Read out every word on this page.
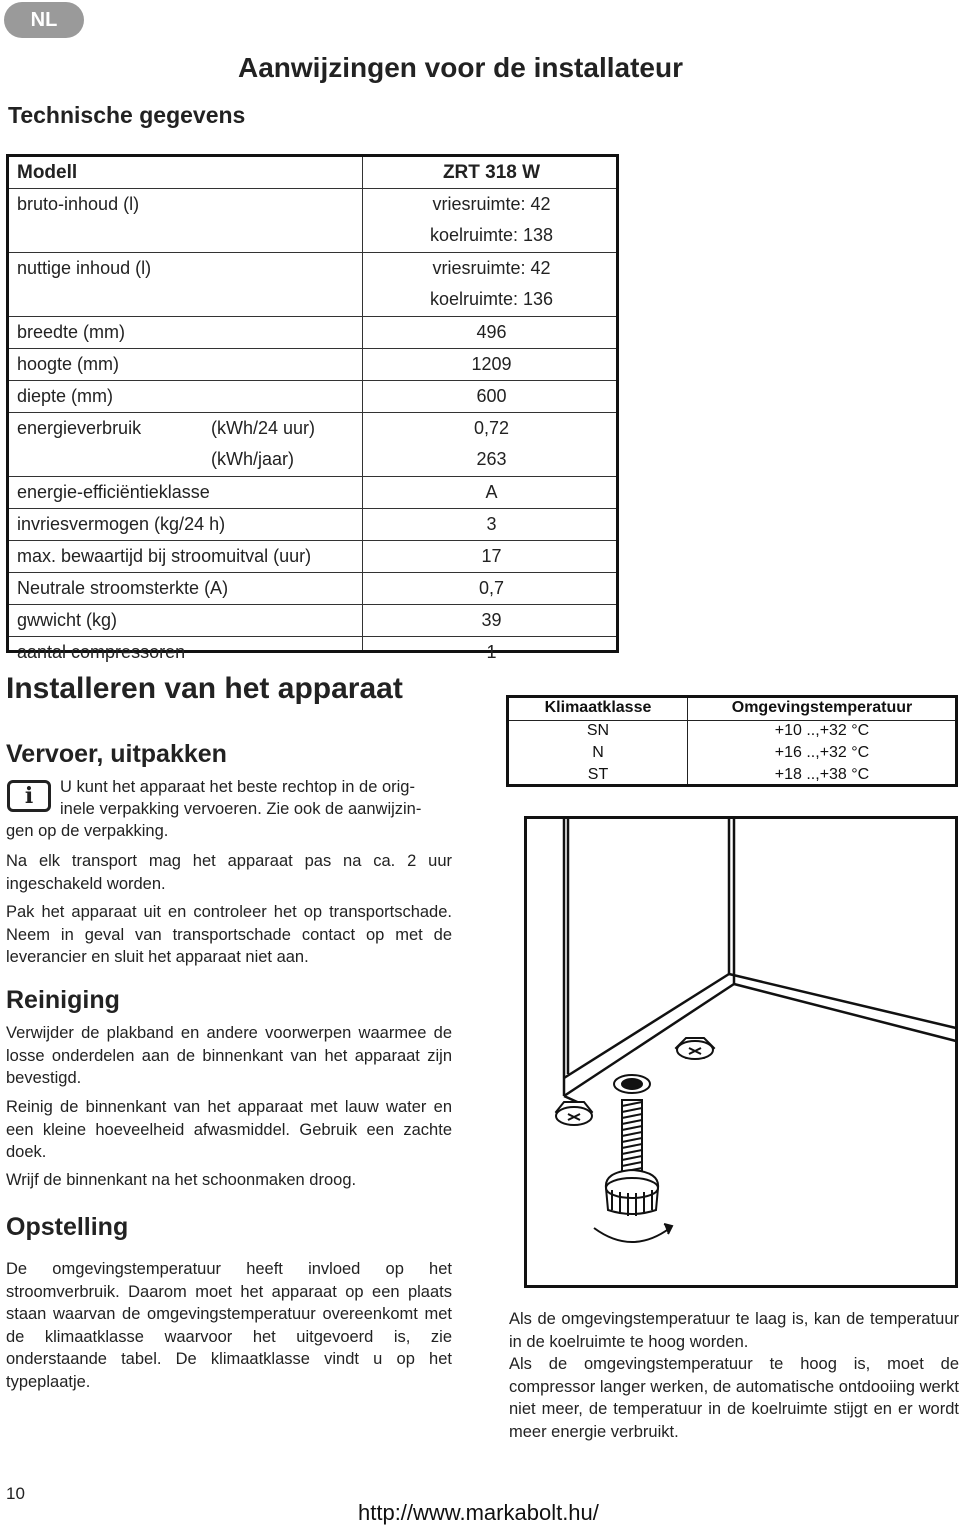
NL
Aanwijzingen voor de installateur
Technische gegevens
Modell	ZRT 318 W
bruto-inhoud (l)	vriesruimte: 42
koelruimte: 138
nuttige inhoud (l)	vriesruimte: 42
koelruimte: 136
breedte (mm)	496
hoogte (mm)	1209
diepte (mm)	600
energieverbruik	(kWh/24 uur)	0,72
(kWh/jaar)	263
energie-efficiëntieklasse	A
invriesvermogen (kg/24 h)	3
max. bewaartijd bij stroomuitval (uur)	17
Neutrale stroomsterkte (A)	0,7
gwwicht (kg)	39
aantal compressoren	1
Installeren van het apparaat
Vervoer, uitpakken
i	U kunt het apparaat het beste rechtop in de orig-
inele verpakking vervoeren. Zie ook de aanwijzin-
gen op de verpakking.
Na elk transport mag het apparaat pas na ca. 2 uur ingeschakeld worden.
Pak het apparaat uit en controleer het op transportschade. Neem in geval van transportschade contact op met de leverancier en sluit het apparaat niet aan.
Reiniging
Verwijder de plakband en andere voorwerpen waarmee de losse onderdelen aan de binnenkant van het apparaat zijn bevestigd.
Reinig de binnenkant van het apparaat met lauw water en een kleine hoeveelheid afwasmiddel. Gebruik een zachte doek.
Wrijf de binnenkant na het schoonmaken droog.
Opstelling
De omgevingstemperatuur heeft invloed op het stroomverbruik. Daarom moet het apparaat op een plaats staan waarvan de omgevingstemperatuur overeenkomt met de klimaatklasse waarvoor het uitgevoerd is, zie onderstaande tabel. De klimaatklasse vindt u op het typeplaatje.
Klimaatklasse	Omgevingstemperatuur
SN	+10 ..,+32 °C
N	+16 ..,+32 °C
ST	+18 ..,+38 °C
Als de omgevingstemperatuur te laag is, kan de temperatuur in de koelruimte te hoog worden.
Als de omgevingstemperatuur te hoog is, moet de compressor langer werken, de automatische ontdooiing werkt niet meer, de temperatuur in de koelruimte stijgt en er wordt meer energie verbruikt.
10
http://www.markabolt.hu/
